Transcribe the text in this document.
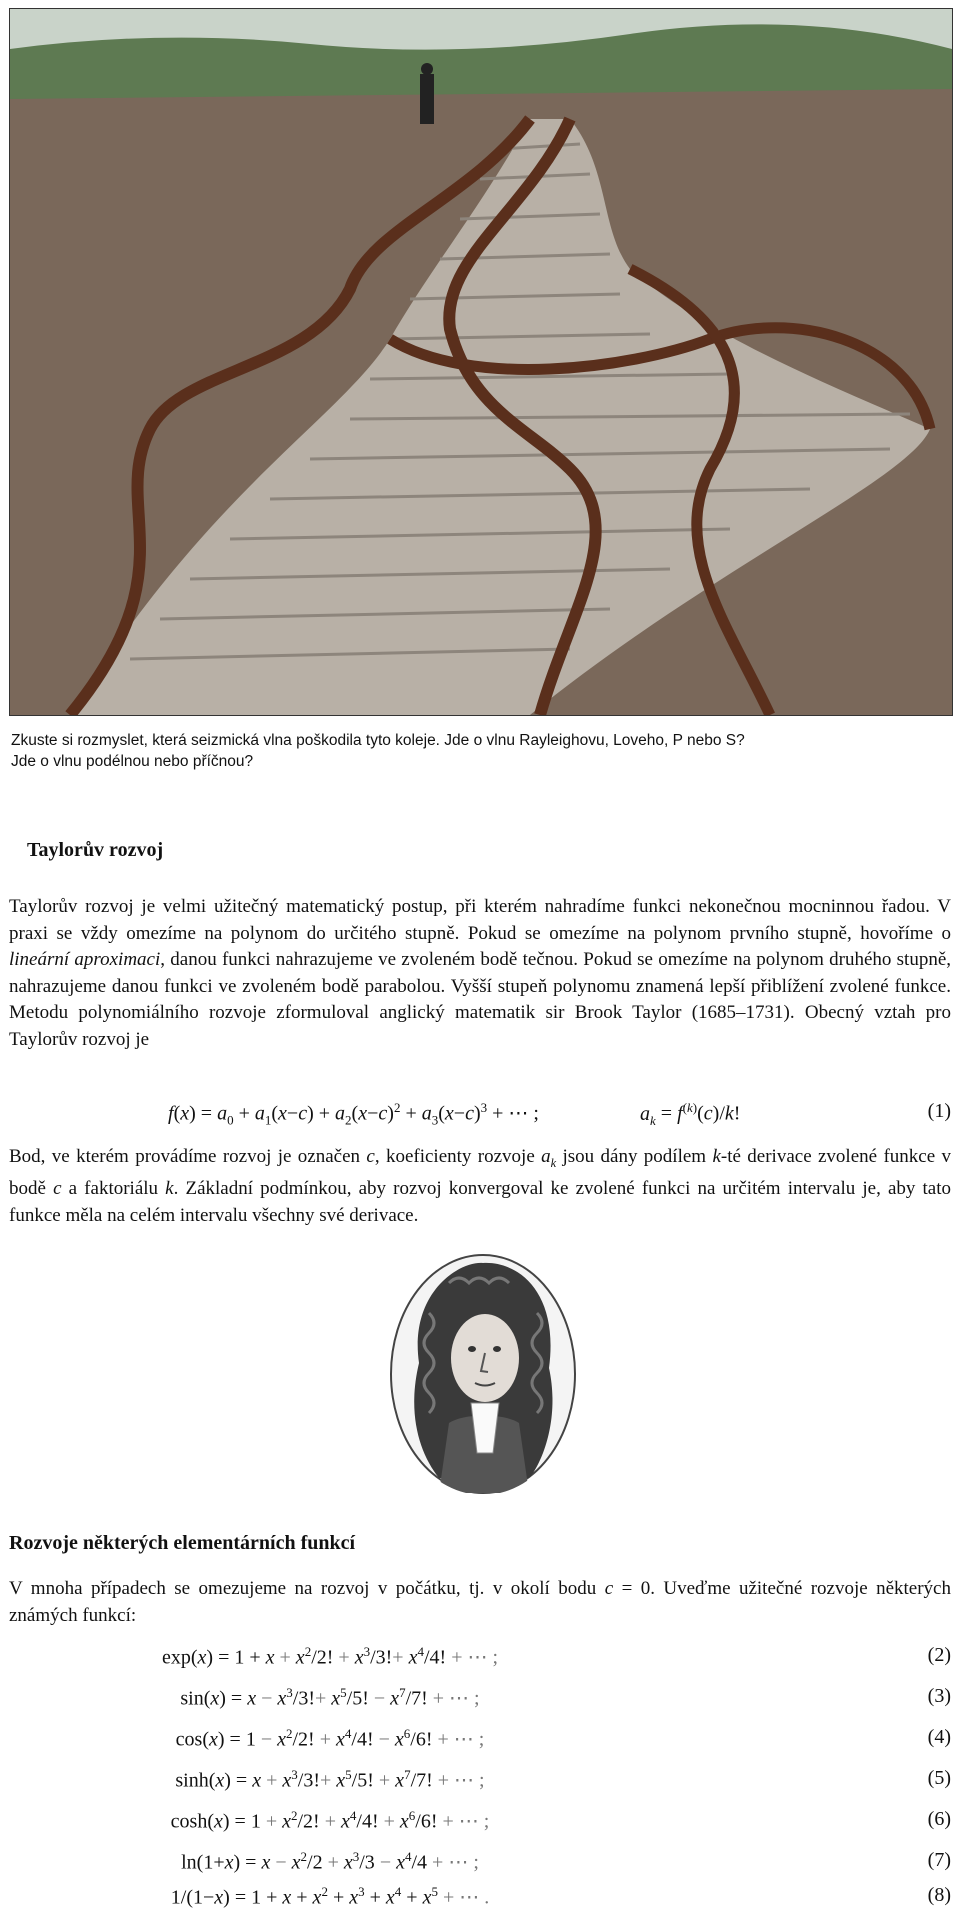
Zkuste si rozmyslet, která seizmická vlna poškodila tyto koleje. Jde o vlnu Rayleighovu, Loveho, P nebo S?

Jde o vlnu podélnou nebo příčnou?

Taylorův rozvoj

Taylorův rozvoj je velmi užitečný matematický postup, při kterém nahradíme funkci nekonečnou mocninnou řadou. V praxi se vždy omezíme na polynom do určitého stupně. Pokud se omezíme na polynom prvního stupně, hovoříme o lineární aproximaci, danou funkci nahrazujeme ve zvoleném bodě tečnou. Pokud se omezíme na polynom druhého stupně, nahrazujeme danou funkci ve zvoleném bodě parabolou. Vyšší stupeň polynomu znamená lepší přiblížení zvolené funkce. Metodu polynomiálního rozvoje zformuloval anglický matematik sir Brook Taylor (1685–1731). Obecný vztah pro Taylorův rozvoj je

$f(x) = a_0 + a_1(x-c) + a_2(x-c)^2 + a_3(x-c)^3$ + ⋯ ;	$a_k = f^{(k)}(c)/k$!	(1)

Bod, ve kterém provádíme rozvoj je označen c, koeficienty rozvoje $a_k$ jsou dány podílem k-té derivace zvolené funkce v bodě c a faktoriálu k. Základní podmínkou, aby rozvoj konvergoval ke zvolené funkci na určitém intervalu je, aby tato funkce měla na celém intervalu všechny své derivace.

Rozvoje některých elementárních funkcí

V mnoha případech se omezujeme na rozvoj v počátku, tj. v okolí bodu c = 0. Uveďme užitečné rozvoje některých známých funkcí:

$\exp(x) = 1 + x + x^2/2$! + $x^3/3!+ x^4/4$! + ⋯ ;	(2)
$\sin(x) = x - x^3/3!+ x^5/5$! − $x^7/7$! + ⋯ ;	(3)
$\cos(x) = 1 - x^2/2$! + $x^4/4$! − $x^6/6$! + ⋯ ;	(4)
$\sinh(x) = x + x^3/3!+ x^5/5$! + $x^7/7$! + ⋯ ;	(5)
$\cosh(x) = 1 + x^2/2$! + $x^4/4$! + $x^6/6$! + ⋯ ;	(6)
$\ln(1+x) = x - x^2/2 + x^3/3 - x^4/4$ + ⋯ ;	(7)
$1/(1-x) = 1 + x + x^2 + x^3 + x^4 + x^5$ + ⋯ .	(8)
